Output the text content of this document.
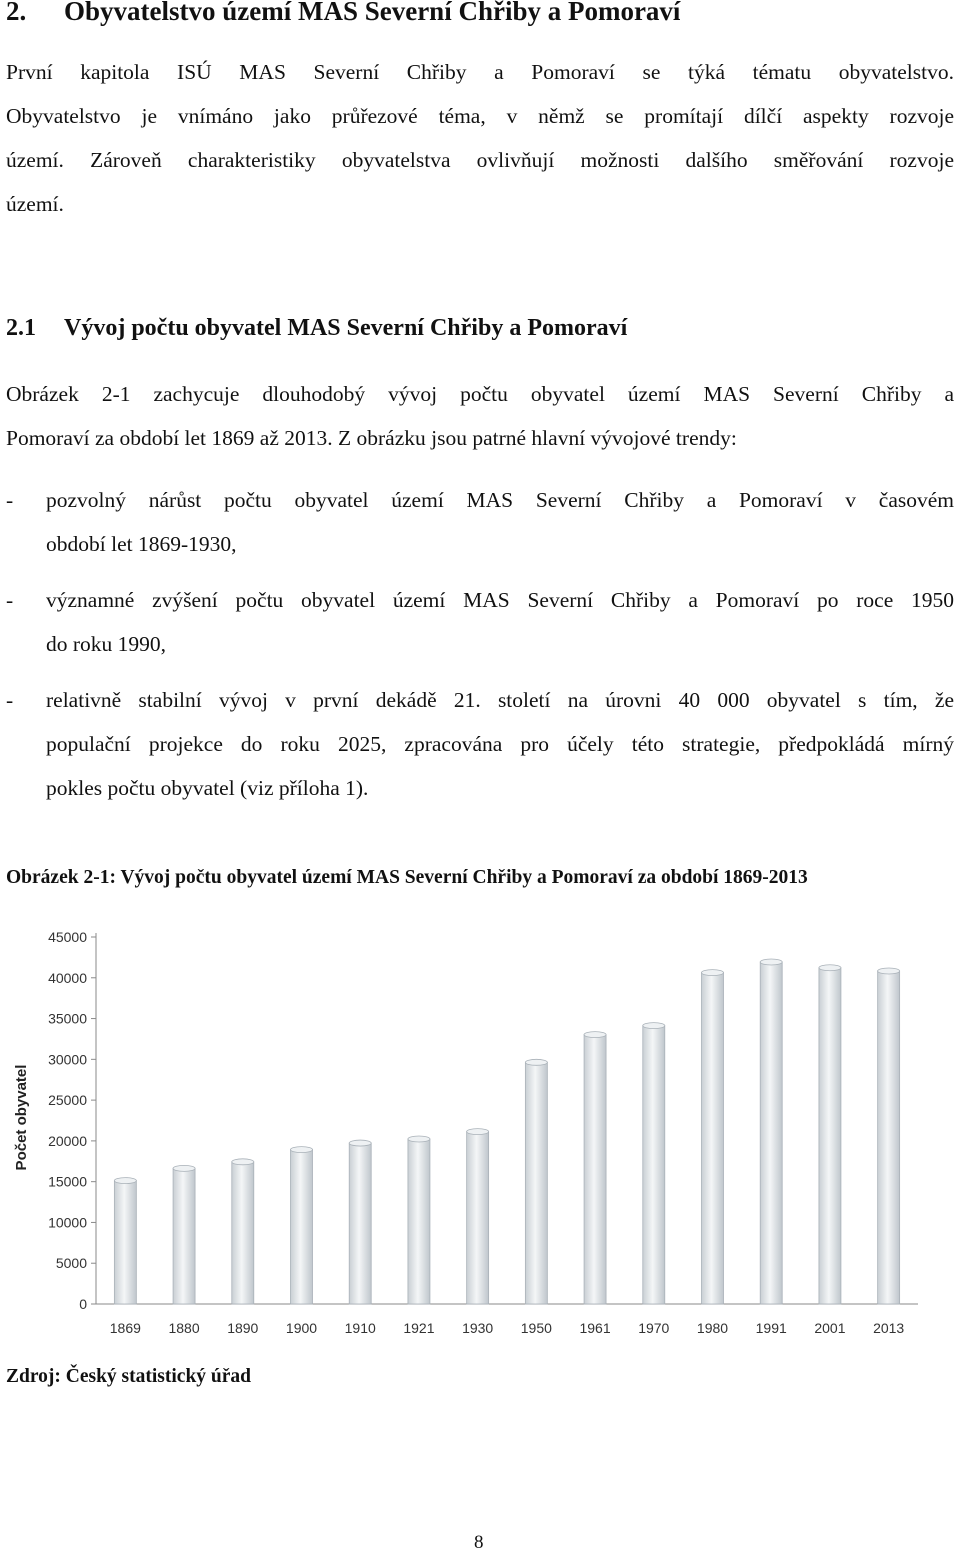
2. Obyvatelstvo území MAS Severní Chřiby a Pomoraví
První kapitola ISÚ MAS Severní Chřiby a Pomoraví se týká tématu obyvatelstvo.
Obyvatelstvo je vnímáno jako průřezové téma, v němž se promítají dílčí aspekty rozvoje
území. Zároveň charakteristiky obyvatelstva ovlivňují možnosti dalšího směřování rozvoje
území.
2.1 Vývoj počtu obyvatel MAS Severní Chřiby a Pomoraví
Obrázek 2-1 zachycuje dlouhodobý vývoj počtu obyvatel území MAS Severní Chřiby a
Pomoraví za období let 1869 až 2013. Z obrázku jsou patrné hlavní vývojové trendy:
- pozvolný nárůst počtu obyvatel území MAS Severní Chřiby a Pomoraví v časovém
období let 1869-1930,
- významné zvýšení počtu obyvatel území MAS Severní Chřiby a Pomoraví po roce 1950
do roku 1990,
- relativně stabilní vývoj v první dekádě 21. století na úrovni 40 000 obyvatel s tím, že
populační projekce do roku 2025, zpracována pro účely této strategie, předpokládá mírný
pokles počtu obyvatel (viz příloha 1).
Obrázek 2-1: Vývoj počtu obyvatel území MAS Severní Chřiby a Pomoraví za období 1869-2013
0
5000
10000
15000
20000
25000
30000
35000
40000
45000
Počet obyvatel
1869 1880 1890 1900 1910 1921 1930 1950 1961 1970 1980 1991 2001 2013
Zdroj: Český statistický úřad
8
